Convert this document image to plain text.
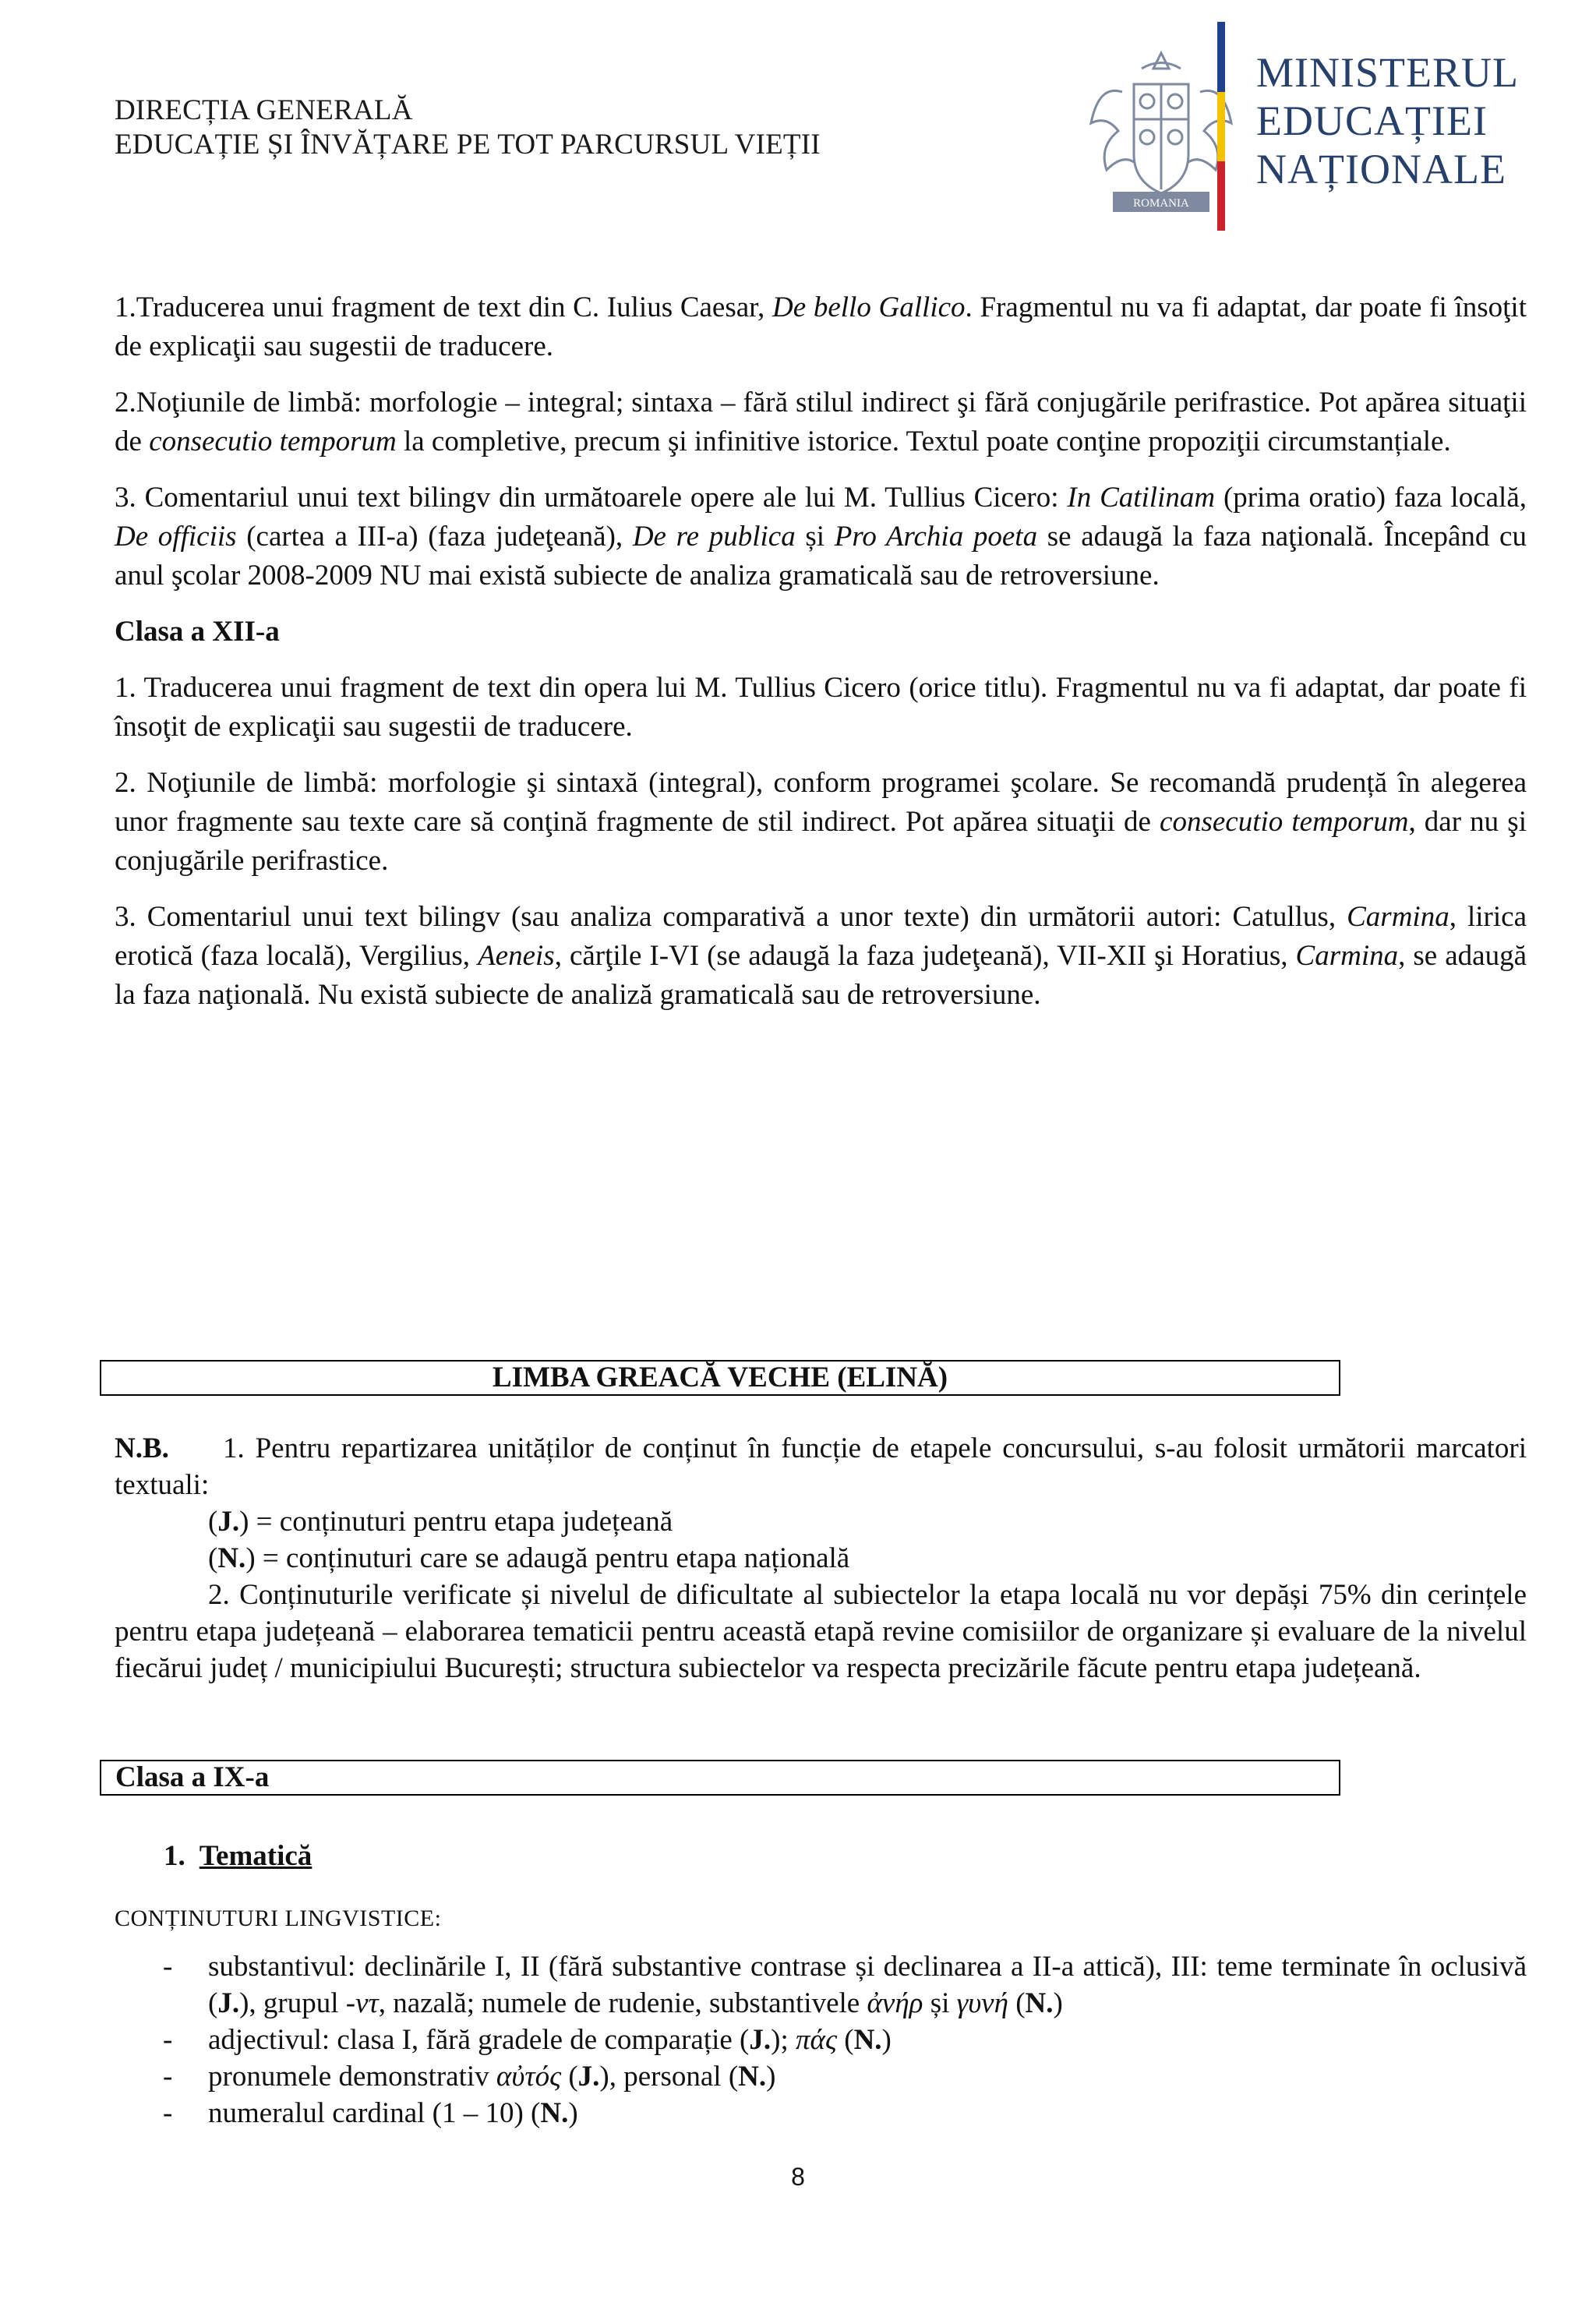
DIRECȚIA GENERALĂ
EDUCAȚIE ȘI ÎNVĂȚARE PE TOT PARCURSUL VIEȚII
ROMANIA
MINISTERUL
EDUCAȚIEI
NAȚIONALE

1.Traducerea unui fragment de text din C. Iulius Caesar, De bello Gallico. Fragmentul nu va fi adaptat, dar poate fi însoţit de explicaţii sau sugestii de traducere.

2.Noţiunile de limbă: morfologie – integral; sintaxa – fără stilul indirect şi fără conjugările perifrastice. Pot apărea situaţii de consecutio temporum la completive, precum şi infinitive istorice. Textul poate conţine propoziţii circumstanțiale.

3. Comentariul unui text bilingv din următoarele opere ale lui M. Tullius Cicero: In Catilinam (prima oratio) faza locală, De officiis (cartea a III-a) (faza judeţeană), De re publica și Pro Archia poeta se adaugă la faza naţională. Începând cu anul şcolar 2008-2009 NU mai există subiecte de analiza gramaticală sau de retroversiune.

Clasa a XII-a

1. Traducerea unui fragment de text din opera lui M. Tullius Cicero (orice titlu). Fragmentul nu va fi adaptat, dar poate fi însoţit de explicaţii sau sugestii de traducere.

2. Noţiunile de limbă: morfologie şi sintaxă (integral), conform programei şcolare. Se recomandă prudență în alegerea unor fragmente sau texte care să conţină fragmente de stil indirect. Pot apărea situaţii de consecutio temporum, dar nu şi conjugările perifrastice.

3. Comentariul unui text bilingv (sau analiza comparativă a unor texte) din următorii autori: Catullus, Carmina, lirica erotică (faza locală), Vergilius, Aeneis, cărţile I-VI (se adaugă la faza judeţeană), VII-XII şi Horatius, Carmina, se adaugă la faza naţională. Nu există subiecte de analiză gramaticală sau de retroversiune.

LIMBA GREACĂ VECHE (ELINĂ)

N.B. 1. Pentru repartizarea unităților de conținut în funcție de etapele concursului, s-au folosit următorii marcatori textuali:

(J.) = conținuturi pentru etapa județeană

(N.) = conținuturi care se adaugă pentru etapa națională

2. Conținuturile verificate și nivelul de dificultate al subiectelor la etapa locală nu vor depăși 75% din cerințele pentru etapa județeană – elaborarea tematicii pentru această etapă revine comisiilor de organizare și evaluare de la nivelul fiecărui județ / municipiului București; structura subiectelor va respecta precizările făcute pentru etapa județeană.

Clasa a IX-a
1. Tematică
CONȚINUTURI LINGVISTICE:
-	substantivul: declinările I, II (fără substantive contrase și declinarea a II-a attică), III: teme terminate în oclusivă (J.), grupul -ντ, nazală; numele de rudenie, substantivele ἀνήρ și γυνή (N.)
-	adjectivul: clasa I, fără gradele de comparație (J.); πάς (N.)
-	pronumele demonstrativ αὐτός (J.), personal (N.)
-	numeralul cardinal (1 – 10) (N.)
8
